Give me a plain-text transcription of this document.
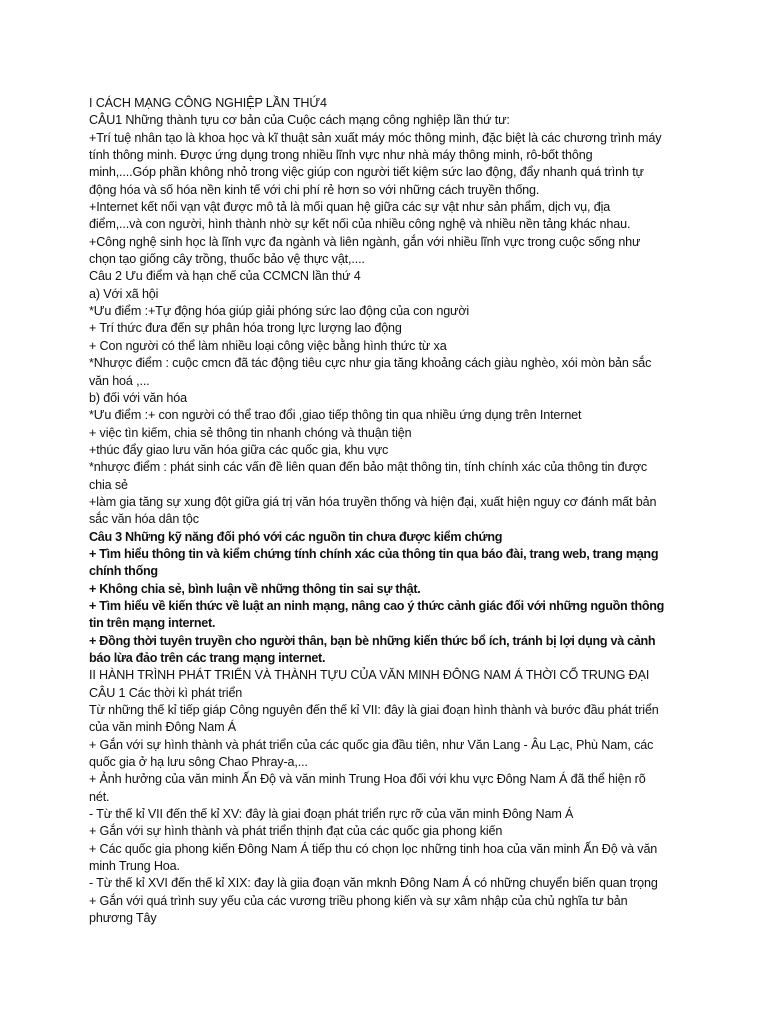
I CÁCH MẠNG CÔNG NGHIỆP LẦN THỨ4
CÂU1 Những thành tựu cơ bản của Cuộc cách mạng công nghiệp lần thứ tư:
+Trí tuệ nhân tạo là khoa học và kĩ thuật sản xuất máy móc thông minh, đặc biệt là các chương trình máy
tính thông minh. Được ứng dụng trong nhiều lĩnh vực như nhà máy thông minh, rô-bốt thông
minh,....Góp phần không nhỏ trong việc giúp con người tiết kiệm sức lao động, đẩy nhanh quá trình tự
động hóa và số hóa nền kinh tế với chi phí rẻ hơn so với những cách truyền thống.
+Internet kết nối vạn vật được mô tả là mối quan hệ giữa các sự vật như sản phẩm, dịch vụ, địa
điểm,...và con người, hình thành nhờ sự kết nối của nhiều công nghệ và nhiều nền tảng khác nhau.
+Công nghệ sinh học là lĩnh vực đa ngành và liên ngành, gắn với nhiều lĩnh vực trong cuộc sống như
chọn tạo giống cây trồng, thuốc bảo vệ thực vật,....
Câu 2 Ưu điểm và hạn chế của CCMCN lần thứ 4
a) Với xã hội
*Ưu điểm :+Tự động hóa giúp giải phóng sức lao động của con người
+ Trí thức đưa đến sự phân hóa trong lực lượng lao động
+ Con người có thể làm nhiều loại công việc bằng hình thức từ xa
*Nhược điểm : cuộc cmcn đã tác động tiêu cực như gia tăng khoảng cách giàu nghèo, xói mòn bản sắc
văn hoá ,...
b) đối với văn hóa
*Ưu điểm :+ con người có thể trao đổi ,giao tiếp thông tin qua nhiều ứng dụng trên Internet
+ việc tìn kiếm, chia sẻ thông tin nhanh chóng và thuận tiện
+thúc đẩy giao lưu văn hóa giữa các quốc gia, khu vực
*nhược điểm : phát sinh các vấn đề liên quan đến bảo mật thông tin, tính chính xác của thông tin được
chia sẻ
+làm gia tăng sự xung đột giữa giá trị văn hóa truyền thống và hiện đại, xuất hiện nguy cơ đánh mất bản
sắc văn hóa dân tộc
Câu 3 Những kỹ năng đối phó với các nguồn tin chưa được kiểm chứng
+ Tìm hiểu thông tin và kiểm chứng tính chính xác của thông tin qua báo đài, trang web, trang mạng
chính thống
+ Không chia sẻ, bình luận về những thông tin sai sự thật.
+ Tìm hiểu về kiến thức về luật an ninh mạng, nâng cao ý thức cảnh giác đối với những nguồn thông
tin trên mạng internet.
+ Đồng thời tuyên truyền cho người thân, bạn bè những kiến thức bổ ích, tránh bị lợi dụng và cảnh
báo lừa đảo trên các trang mạng internet.
II HÀNH TRÌNH PHÁT TRIỂN VÀ THÀNH TỰU CỦA VĂN MINH ĐÔNG NAM Á THỜI CỔ TRUNG ĐẠI
CÂU 1 Các thời kì phát triển
Từ những thế kỉ tiếp giáp Công nguyên đến thế kỉ VII: đây là giai đoạn hình thành và bước đầu phát triển
của văn minh Đông Nam Á
+ Gắn với sự hình thành và phát triển của các quốc gia đầu tiên, như Văn Lang - Âu Lạc, Phù Nam, các
quốc gia ở hạ lưu sông Chao Phray-a,...
+ Ảnh hưởng của văn minh Ấn Độ và văn minh Trung Hoa đối với khu vực Đông Nam Á đã thể hiện rõ
nét.
- Từ thế kỉ VII đến thế kỉ XV: đây là giai đoạn phát triển rực rỡ của văn minh Đông Nam Á
+ Gắn với sự hình thành và phát triển thịnh đạt của các quốc gia phong kiến
+ Các quốc gia phong kiến Đông Nam Á tiếp thu có chọn lọc những tinh hoa của văn minh Ấn Độ và văn
minh Trung Hoa.
- Từ thế kỉ XVI đến thế kỉ XIX: đay là giia đoạn văn mknh Đông Nam Á có những chuyển biến quan trọng
+ Gắn với quá trình suy yếu của các vương triều phong kiến và sự xâm nhập của chủ nghĩa tư bản
phương Tây
